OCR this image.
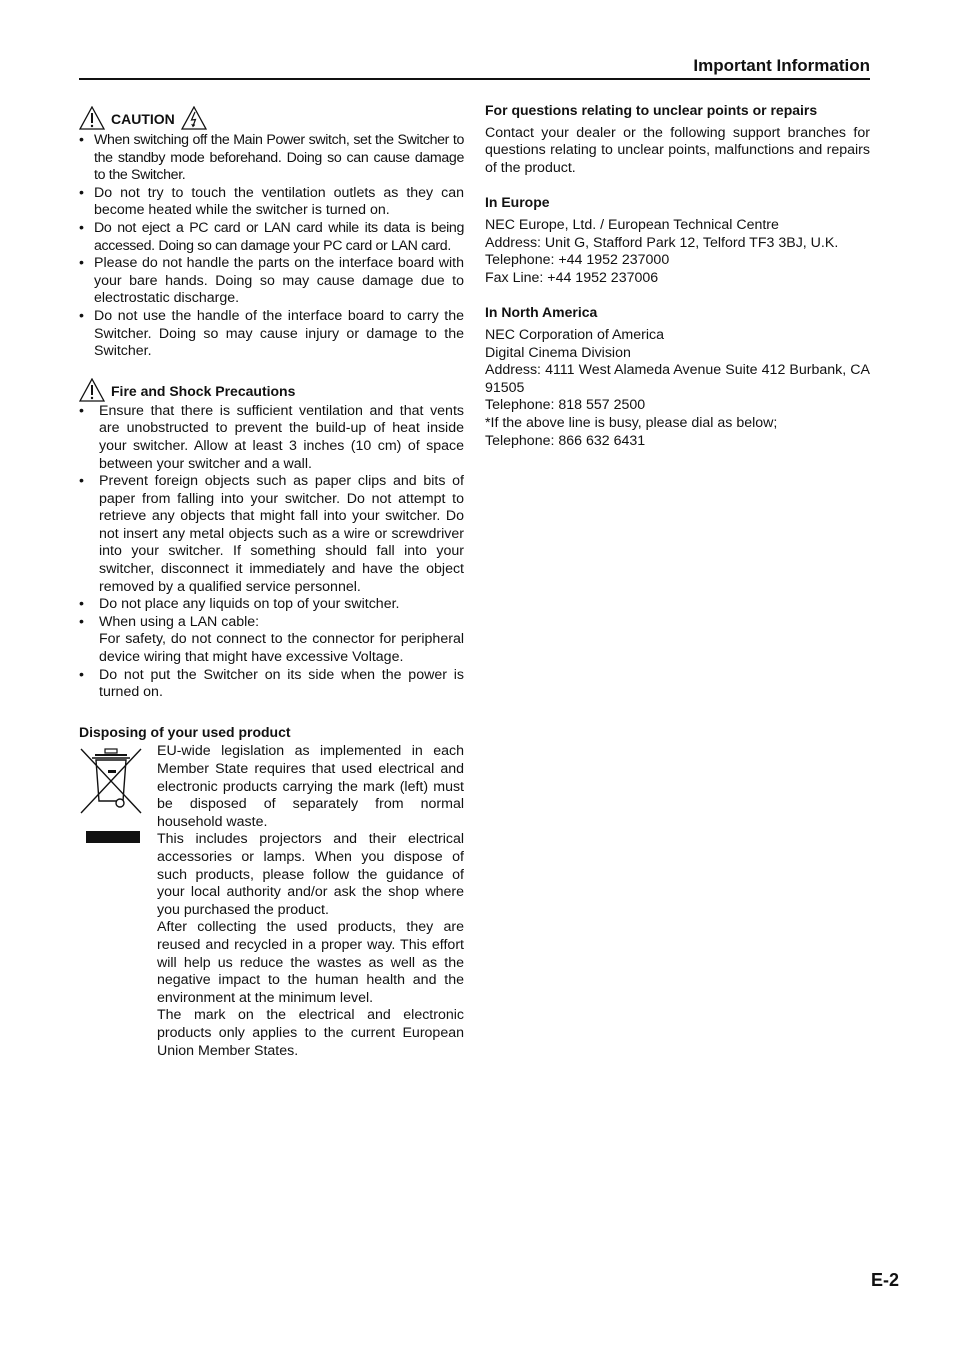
Important Information
CAUTION
• When switching off the Main Power switch, set the Switcher to the standby mode beforehand. Doing so can cause damage to the Switcher.
• Do not try to touch the ventilation outlets as they can become heated while the switcher is turned on.
• Do not eject a PC card or LAN card while its data is being accessed. Doing so can damage your PC card or LAN card.
• Please do not handle the parts on the interface board with your bare hands. Doing so may cause damage due to electrostatic discharge.
• Do not use the handle of the interface board to carry the Switcher. Doing so may cause injury or damage to the Switcher.
Fire and Shock Precautions
• Ensure that there is sufficient ventilation and that vents are unobstructed to prevent the build-up of heat inside your switcher. Allow at least 3 inches (10 cm) of space between your switcher and a wall.
• Prevent foreign objects such as paper clips and bits of paper from falling into your switcher. Do not attempt to retrieve any objects that might fall into your switcher. Do not insert any metal objects such as a wire or screwdriver into your switcher. If something should fall into your switcher, disconnect it immediately and have the object removed by a qualified service personnel.
• Do not place any liquids on top of your switcher.
• When using a LAN cable:
For safety, do not connect to the connector for peripheral device wiring that might have excessive Voltage.
• Do not put the Switcher on its side when the power is turned on.
Disposing of your used product

EU-wide legislation as implemented in each Member State requires that used electrical and electronic products carrying the mark (left) must be disposed of separately from normal household waste.

This includes projectors and their electrical accessories or lamps. When you dispose of such products, please follow the guidance of your local authority and/or ask the shop where you purchased the product.

After collecting the used products, they are reused and recycled in a proper way. This effort will help us reduce the wastes as well as the negative impact to the human health and the environment at the minimum level.

The mark on the electrical and electronic products only applies to the current European Union Member States.

For questions relating to unclear points or repairs

Contact your dealer or the following support branches for questions relating to unclear points, malfunctions and repairs of the product.

In Europe
NEC Europe, Ltd. / European Technical Centre
Address: Unit G, Stafford Park 12, Telford TF3 3BJ, U.K.
Telephone: +44 1952 237000
Fax Line: +44 1952 237006
In North America
NEC Corporation of America
Digital Cinema Division
Address: 4111 West Alameda Avenue Suite 412 Burbank, CA 91505
Telephone: 818 557 2500
*If the above line is busy, please dial as below;
Telephone: 866 632 6431
E-2
